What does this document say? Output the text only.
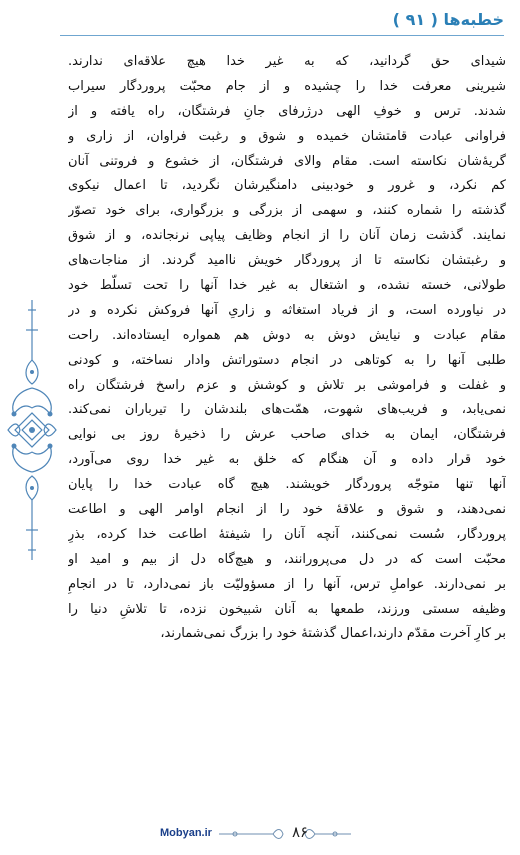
خطبه‌ها ( ۹۱ )
شیدای حق گردانید، که به غیر خدا هیچ علاقه‌ای ندارند.
شیرینی معرفت خدا را چشیده و از جام محبّت پروردگار سیراب
شدند. ترس و خوفِ الهی درژرفای جانِ فرشتگان، راه یافته و از
فراوانی عبادت قامتشان خمیده و شوق و رغبت فراوان، از زاری و
گریۀشان نکاسته است. مقام والای فرشتگان، از خشوع و فروتنی آنان
کم نکرد، و غرور و خودبینی دامنگیرشان نگردید، تا اعمال نیکوی
گذشته را شماره کنند، و سهمی از بزرگی و بزرگواری، برای خود تصوّر
نمایند. گذشت زمان آنان را از انجام وظایف پیاپی نرنجانده، و از شوق
و رغبتشان نکاسته تا از پروردگار خویش ناامید گردند. از مناجات‌های
طولانی، خسته نشده، و اشتغال به غیر خدا آنها را تحت تسلّط خود
در نیاورده است، و از فریاد استغاثه و زاریِ آنها فروکش نکرده و در
مقام عبادت و نیایش دوش به دوش هم همواره ایستاده‌اند. راحت
طلبی آنها را به کوتاهی در انجام دستوراتش وادار نساخته، و کودنی
و غفلت و فراموشی بر تلاش و کوشش و عزم راسخ فرشتگان راه
نمی‌یابد، و فریب‌های شهوت، همّت‌های بلندشان را تیرباران نمی‌کند.
فرشتگان، ایمان به خدای صاحب عرش را ذخیرۀ روز بی نوایی
خود قرار داده و آن هنگام که خلق به غیر خدا روی می‌آورد،
آنها تنها متوجّه پروردگار خویشند. هیچ گاه عبادت خدا را پایان
نمی‌دهند، و شوق و علاقۀ خود را از انجام اوامر الهی و اطاعت
پروردگار، سُست نمی‌کنند، آنچه آنان را شیفتۀ اطاعت خدا کرده، بذرِ
محبّت است که در دل می‌پرورانند، و هیچ‌گاه دل از بیم و امید او
بر نمی‌دارند. عواملِ ترس، آنها را از مسؤولیّت باز نمی‌دارد، تا در انجامِ
وظیفه سستی ورزند، طمعها به آنان شبیخون نزده، تا تلاشِ دنیا را
بر کارِ آخرت مقدّم دارند،اعمال گذشتۀ خود را بزرگ نمی‌شمارند،
Mobyan.ir	۸۶
